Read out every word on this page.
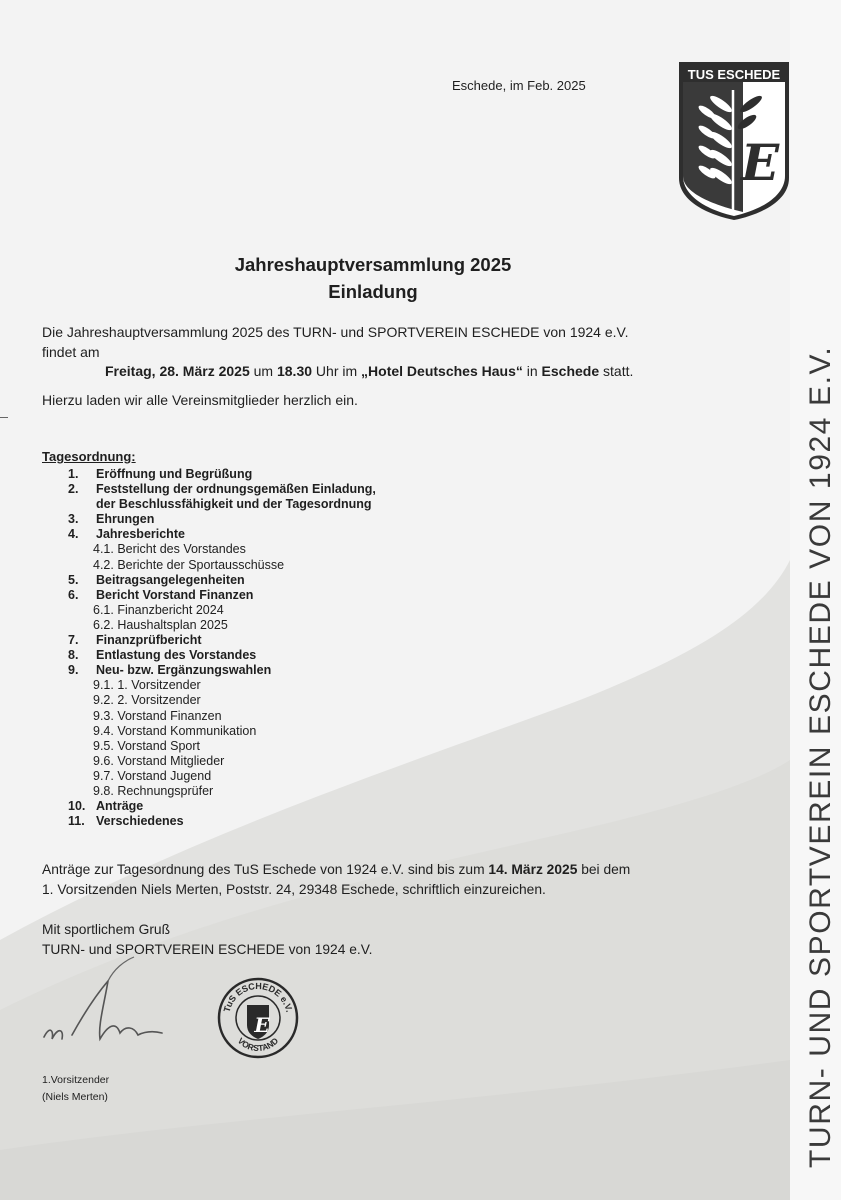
Eschede, im Feb. 2025
TUS ESCHEDE
E
Jahreshauptversammlung 2025
Einladung
Die Jahreshauptversammlung 2025 des TURN- und SPORTVEREIN ESCHEDE von 1924 e.V.
findet am
Freitag, 28. März 2025 um 18.30 Uhr im „Hotel Deutsches Haus“ in Eschede statt.
Hierzu laden wir alle Vereinsmitglieder herzlich ein.
Tagesordnung:
1. Eröffnung und Begrüßung
2. Feststellung der ordnungsgemäßen Einladung,
der Beschlussfähigkeit und der Tagesordnung
3. Ehrungen
4. Jahresberichte
4.1. Bericht des Vorstandes
4.2. Berichte der Sportausschüsse
5. Beitragsangelegenheiten
6. Bericht Vorstand Finanzen
6.1. Finanzbericht 2024
6.2. Haushaltsplan 2025
7. Finanzprüfbericht
8. Entlastung des Vorstandes
9. Neu- bzw. Ergänzungswahlen
9.1. 1. Vorsitzender
9.2. 2. Vorsitzender
9.3. Vorstand Finanzen
9.4. Vorstand Kommunikation
9.5. Vorstand Sport
9.6. Vorstand Mitglieder
9.7. Vorstand Jugend
9.8. Rechnungsprüfer
10. Anträge
11. Verschiedenes
Anträge zur Tagesordnung des TuS Eschede von 1924 e.V. sind bis zum 14. März 2025 bei dem
1. Vorsitzenden Niels Merten, Poststr. 24, 29348 Eschede, schriftlich einzureichen.
Mit sportlichem Gruß
TURN- und SPORTVEREIN ESCHEDE von 1924 e.V.
TuS ESCHEDE e.V.
VORSTAND
E
1.Vorsitzender
(Niels Merten)	TURN- UND SPORTVEREIN ESCHEDE VON 1924 E.V.
